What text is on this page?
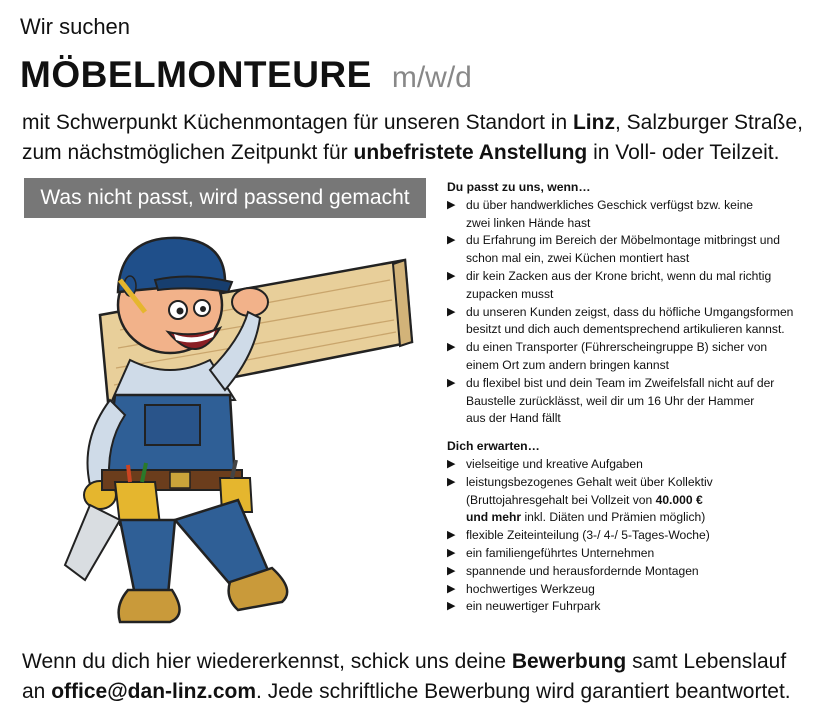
Wir suchen
MÖBELMONTEURE m/w/d
mit Schwerpunkt Küchenmontagen für unseren Standort in Linz, Salzburger Straße,
zum nächstmöglichen Zeitpunkt für unbefristete Anstellung in Voll- oder Teilzeit.
Was nicht passt, wird passend gemacht	Du passt zu uns, wenn…
▶ du über handwerkliches Geschick verfügst bzw. keine
zwei linken Hände hast
▶ du Erfahrung im Bereich der Möbelmontage mitbringst und
schon mal ein, zwei Küchen montiert hast
▶ dir kein Zacken aus der Krone bricht, wenn du mal richtig
zupacken musst
▶ du unseren Kunden zeigst, dass du höfliche Umgangsformen
besitzt und dich auch dementsprechend artikulieren kannst.
▶ du einen Transporter (Führerscheingruppe B) sicher von
einem Ort zum andern bringen kannst
▶ du flexibel bist und dein Team im Zweifelsfall nicht auf der
Baustelle zurücklässt, weil dir um 16 Uhr der Hammer
aus der Hand fällt
Dich erwarten…
▶ vielseitige und kreative Aufgaben
▶ leistungsbezogenes Gehalt weit über Kollektiv
(Bruttojahresgehalt bei Vollzeit von 40.000 €
und mehr inkl. Diäten und Prämien möglich)
▶ flexible Zeiteinteilung (3-/ 4-/ 5-Tages-Woche)
▶ ein familiengeführtes Unternehmen
▶ spannende und herausfordernde Montagen
▶ hochwertiges Werkzeug
▶ ein neuwertiger Fuhrpark
Wenn du dich hier wiedererkennst, schick uns deine Bewerbung samt Lebenslauf
an office@dan-linz.com. Jede schriftliche Bewerbung wird garantiert beantwortet.
